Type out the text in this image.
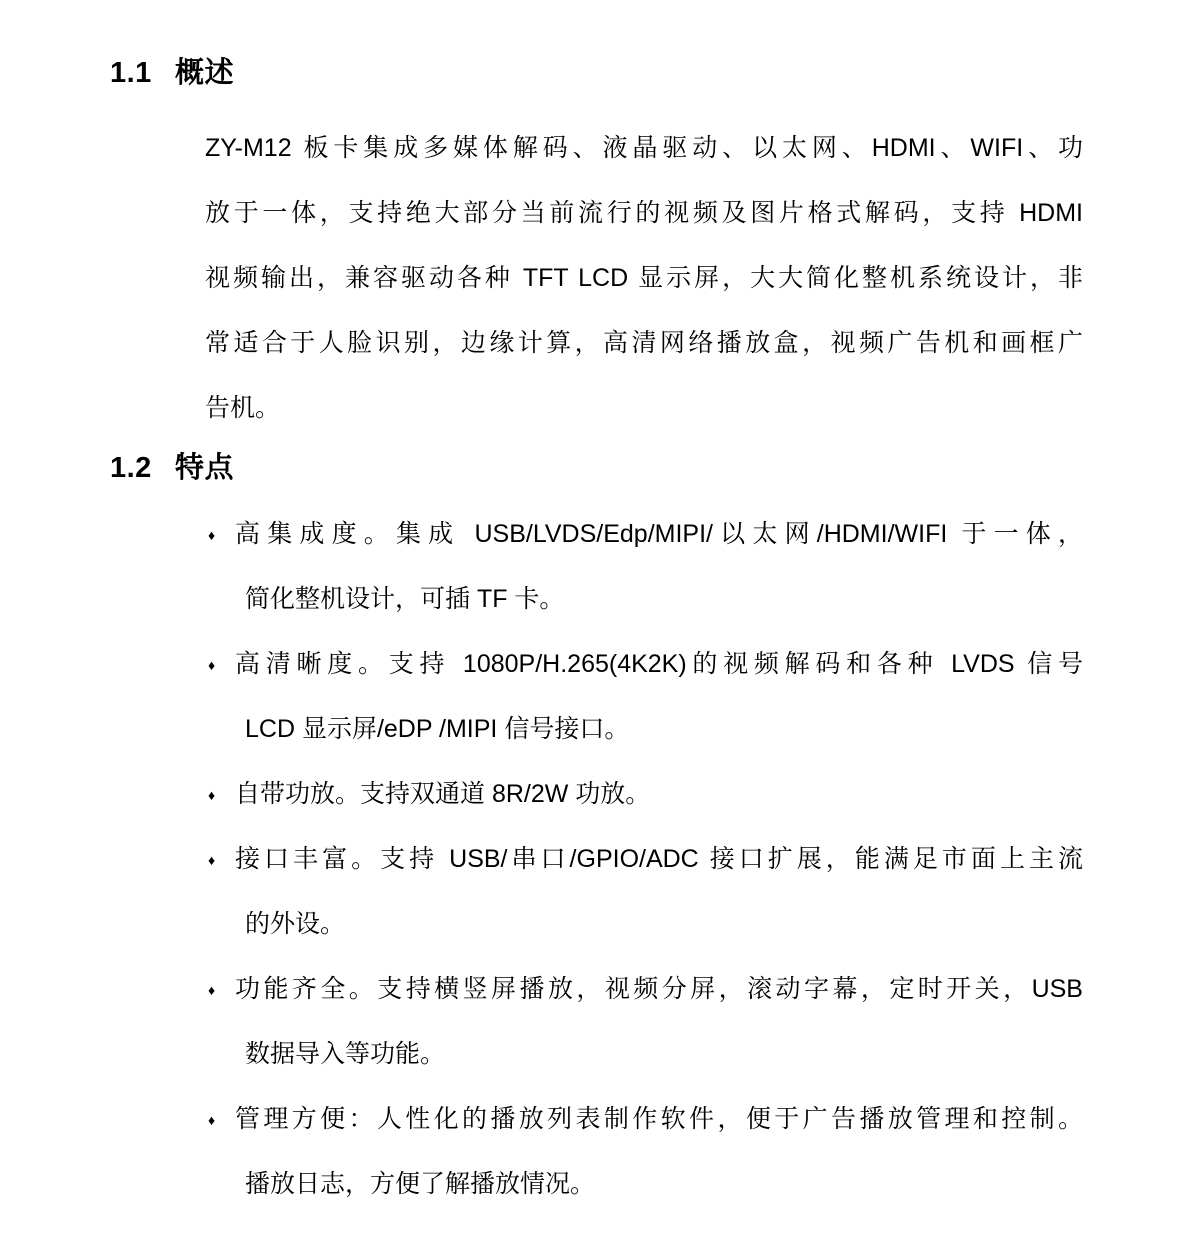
1.1 概述
ZY-M12 板卡集成多媒体解码、液晶驱动、以太网、HDMI、WIFI、功
放于一体，支持绝大部分当前流行的视频及图片格式解码，支持 HDMI
视频输出，兼容驱动各种 TFT LCD 显示屏，大大简化整机系统设计，非
常适合于人脸识别，边缘计算，高清网络播放盒，视频广告机和画框广
告机。
1.2 特点
♦ 高集成度。集成 USB/LVDS/Edp/MIPI/以太网/HDMI/WIFI 于一体，
简化整机设计，可插 TF 卡。
♦ 高清晰度。支持 1080P/H.265(4K2K)的视频解码和各种 LVDS 信号
LCD 显示屏/eDP /MIPI 信号接口。
♦ 自带功放。支持双通道 8R/2W 功放。
♦ 接口丰富。支持 USB/串口/GPIO/ADC 接口扩展，能满足市面上主流
的外设。
♦ 功能齐全。支持横竖屏播放，视频分屏，滚动字幕，定时开关，USB
数据导入等功能。
♦ 管理方便：人性化的播放列表制作软件，便于广告播放管理和控制。
播放日志，方便了解播放情况。
